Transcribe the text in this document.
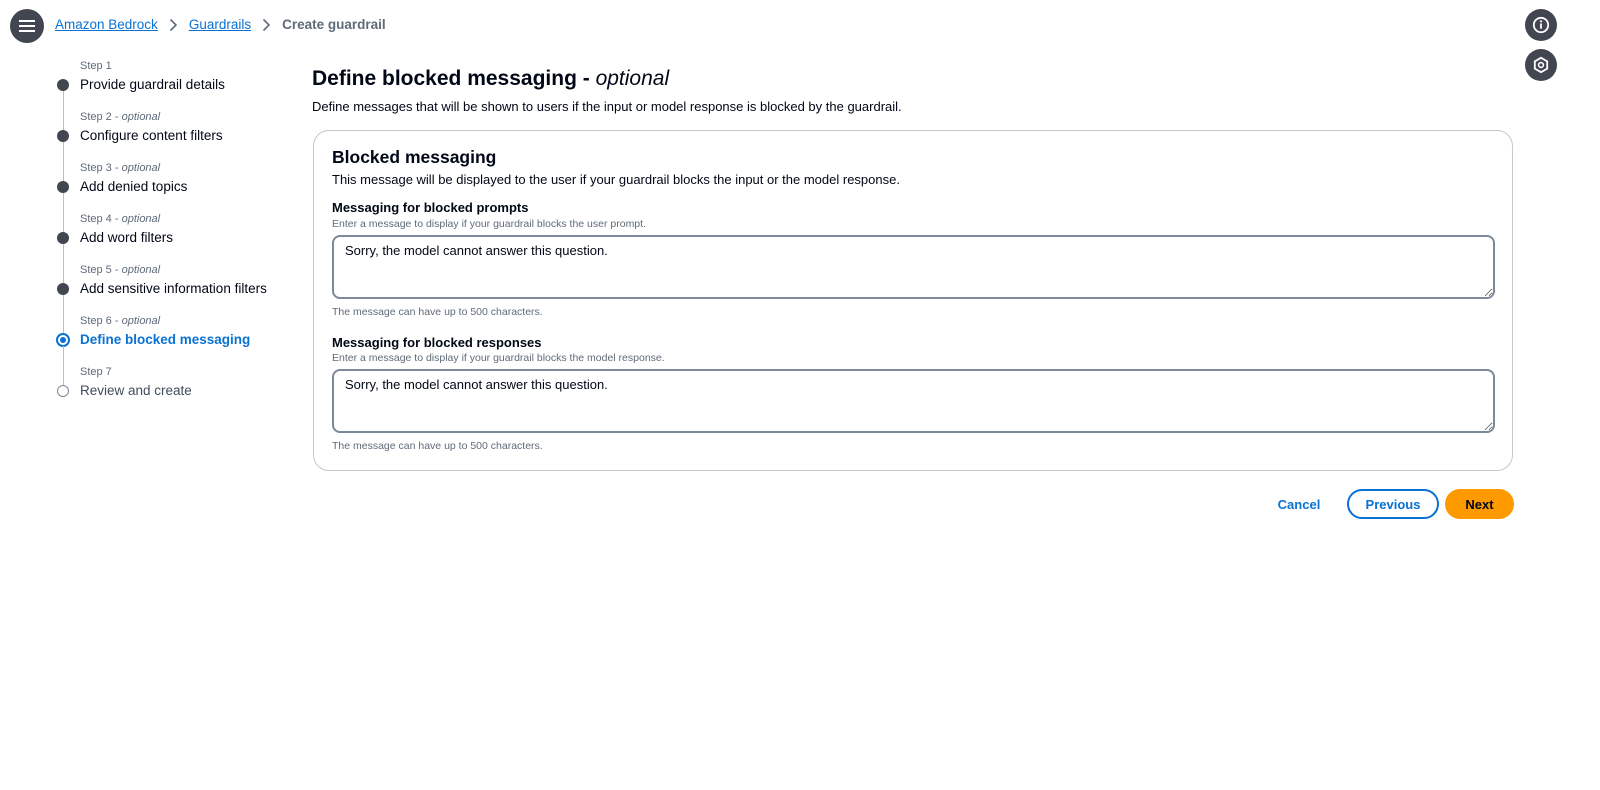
Amazon Bedrock Guardrails Create guardrail
Step 1
Provide guardrail details
Step 2 - optional
Configure content filters
Step 3 - optional
Add denied topics
Step 4 - optional
Add word filters
Step 5 - optional
Add sensitive information filters
Step 6 - optional
Define blocked messaging
Step 7
Review and create
Define blocked messaging - optional

Define messages that will be shown to users if the input or model response is blocked by the guardrail.

Blocked messaging

This message will be displayed to the user if your guardrail blocks the input or the model response.

Messaging for blocked prompts
Enter a message to display if your guardrail blocks the user prompt.
Sorry, the model cannot answer this question.
The message can have up to 500 characters.
Messaging for blocked responses
Enter a message to display if your guardrail blocks the model response.
Sorry, the model cannot answer this question.
The message can have up to 500 characters.
Cancel	Previous	Next
